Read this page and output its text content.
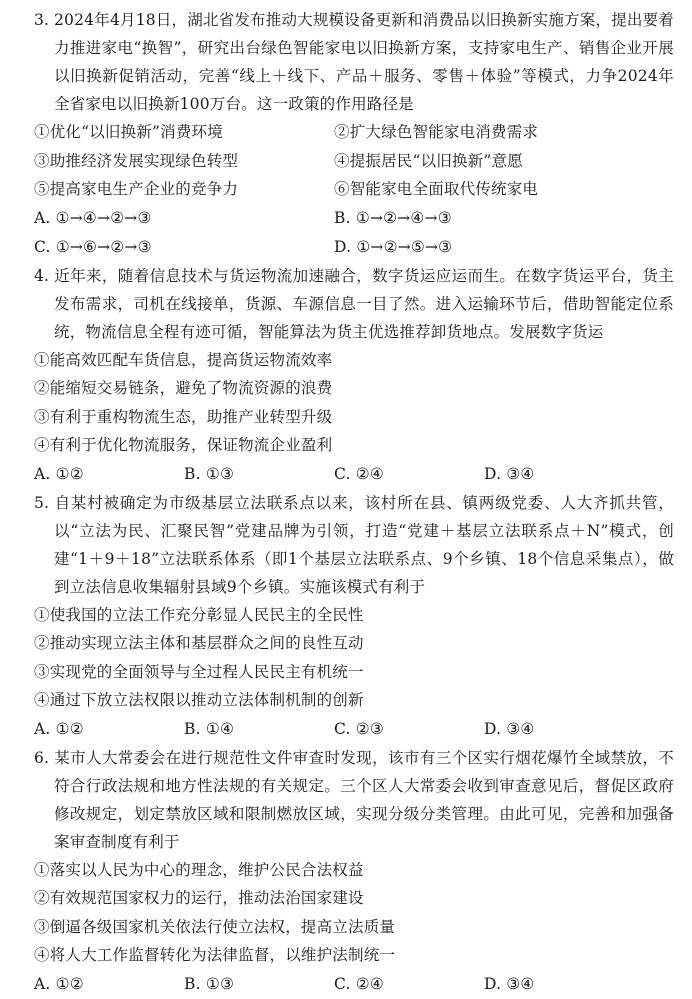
3. 2024年4月18日，湖北省发布推动大规模设备更新和消费品以旧换新实施方案，提出要着力推进家电“换智”，研究出台绿色智能家电以旧换新方案，支持家电生产、销售企业开展以旧换新促销活动，完善“线上＋线下、产品＋服务、零售＋体验”等模式，力争2024年全省家电以旧换新100万台。这一政策的作用路径是
①优化“以旧换新”消费环境	②扩大绿色智能家电消费需求
③助推经济发展实现绿色转型	④提振居民“以旧换新”意愿
⑤提高家电生产企业的竞争力	⑥智能家电全面取代传统家电
A. ①→④→②→③	B. ①→②→④→③
C. ①→⑥→②→③	D. ①→②→⑤→③
4. 近年来，随着信息技术与货运物流加速融合，数字货运应运而生。在数字货运平台，货主发布需求，司机在线接单，货源、车源信息一目了然。进入运输环节后，借助智能定位系统，物流信息全程有迹可循，智能算法为货主优选推荐卸货地点。发展数字货运
①能高效匹配车货信息，提高货运物流效率
②能缩短交易链条，避免了物流资源的浪费
③有利于重构物流生态，助推产业转型升级
④有利于优化物流服务，保证物流企业盈利
A. ①②	B. ①③	C. ②④	D. ③④
5. 自某村被确定为市级基层立法联系点以来，该村所在县、镇两级党委、人大齐抓共管，以“立法为民、汇聚民智”党建品牌为引领，打造“党建＋基层立法联系点＋N”模式，创建“1＋9＋18”立法联系体系（即1个基层立法联系点、9个乡镇、18个信息采集点），做到立法信息收集辐射县域9个乡镇。实施该模式有利于
①使我国的立法工作充分彰显人民民主的全民性
②推动实现立法主体和基层群众之间的良性互动
③实现党的全面领导与全过程人民民主有机统一
④通过下放立法权限以推动立法体制机制的创新
A. ①②	B. ①④	C. ②③	D. ③④
6. 某市人大常委会在进行规范性文件审查时发现，该市有三个区实行烟花爆竹全域禁放，不符合行政法规和地方性法规的有关规定。三个区人大常委会收到审查意见后，督促区政府修改规定，划定禁放区域和限制燃放区域，实现分级分类管理。由此可见，完善和加强备案审查制度有利于
①落实以人民为中心的理念，维护公民合法权益
②有效规范国家权力的运行，推动法治国家建设
③倒逼各级国家机关依法行使立法权，提高立法质量
④将人大工作监督转化为法律监督，以维护法制统一
A. ①②	B. ①③	C. ②④	D. ③④
